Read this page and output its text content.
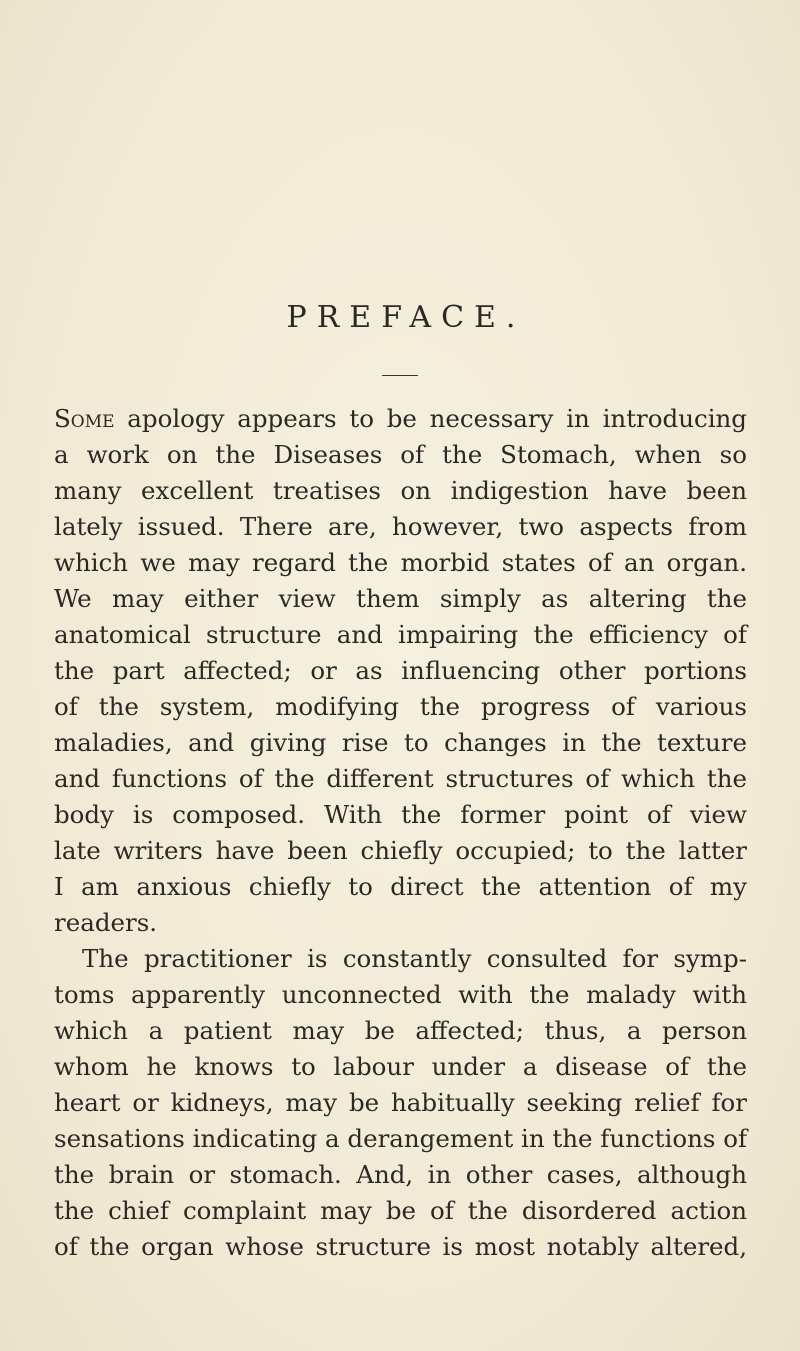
PREFACE.
Some apology appears to be necessary in introducing
a work on the Diseases of the Stomach, when so
many excellent treatises on indigestion have been
lately issued. There are, however, two aspects from
which we may regard the morbid states of an organ.
We may either view them simply as altering the
anatomical structure and impairing the efficiency of
the part affected; or as influencing other portions
of the system, modifying the progress of various
maladies, and giving rise to changes in the texture
and functions of the different structures of which the
body is composed. With the former point of view
late writers have been chiefly occupied; to the latter
I am anxious chiefly to direct the attention of my
readers.
The practitioner is constantly consulted for symp-
toms apparently unconnected with the malady with
which a patient may be affected; thus, a person
whom he knows to labour under a disease of the
heart or kidneys, may be habitually seeking relief for
sensations indicating a derangement in the functions of
the brain or stomach. And, in other cases, although
the chief complaint may be of the disordered action
of the organ whose structure is most notably altered,
